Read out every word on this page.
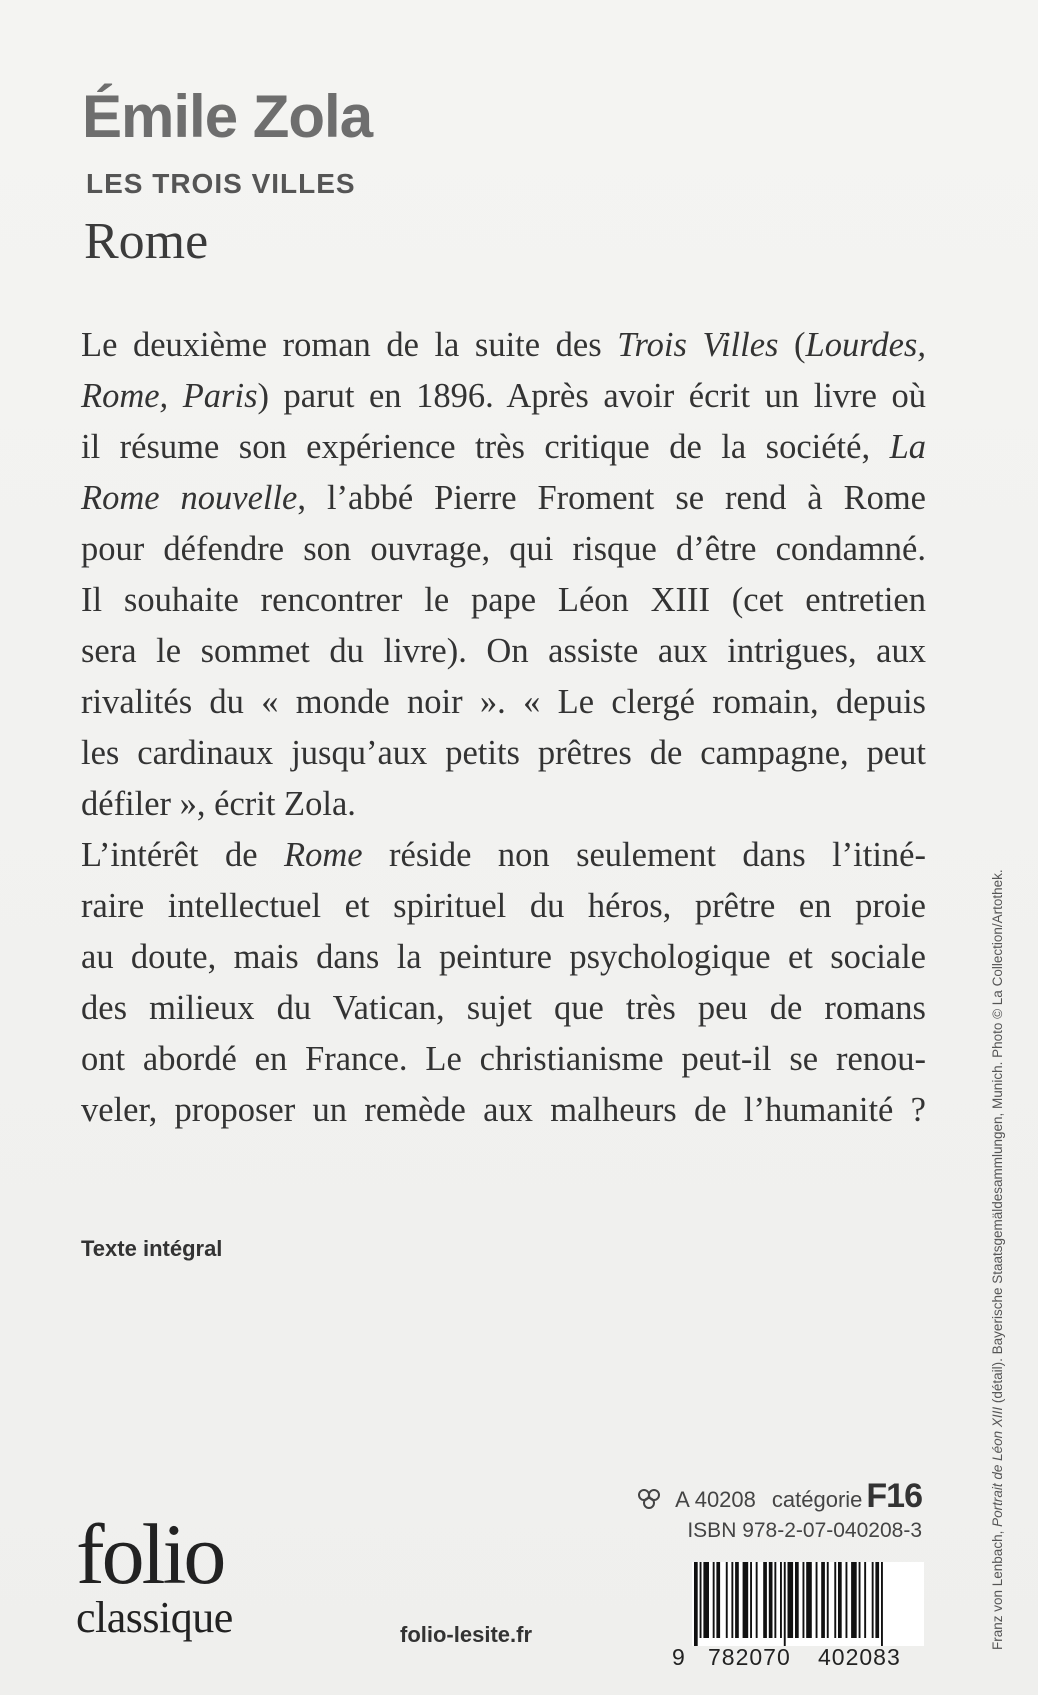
Émile Zola
LES TROIS VILLES
Rome
Le deuxième roman de la suite des Trois Villes (Lourdes,
Rome, Paris) parut en 1896. Après avoir écrit un livre où
il résume son expérience très critique de la société, La
Rome nouvelle, l’abbé Pierre Froment se rend à Rome
pour défendre son ouvrage, qui risque d’être condamné.
Il souhaite rencontrer le pape Léon XIII (cet entretien
sera le sommet du livre). On assiste aux intrigues, aux
rivalités du « monde noir ». « Le clergé romain, depuis
les cardinaux jusqu’aux petits prêtres de campagne, peut
défiler », écrit Zola.
L’intérêt de Rome réside non seulement dans l’itiné-
raire intellectuel et spirituel du héros, prêtre en proie
au doute, mais dans la peinture psychologique et sociale
des milieux du Vatican, sujet que très peu de romans
ont abordé en France. Le christianisme peut-il se renou-
veler, proposer un remède aux malheurs de l’humanité ?
Texte intégral
folio
classique	folio-lesite.fr
A 40208 catégorie F16
ISBN 978-2-07-040208-3
9 782070 402083
Franz von Lenbach, Portrait de Léon XIII (détail). Bayerische Staatsgemäldesammlungen, Munich. Photo © La Collection/Artothek.
